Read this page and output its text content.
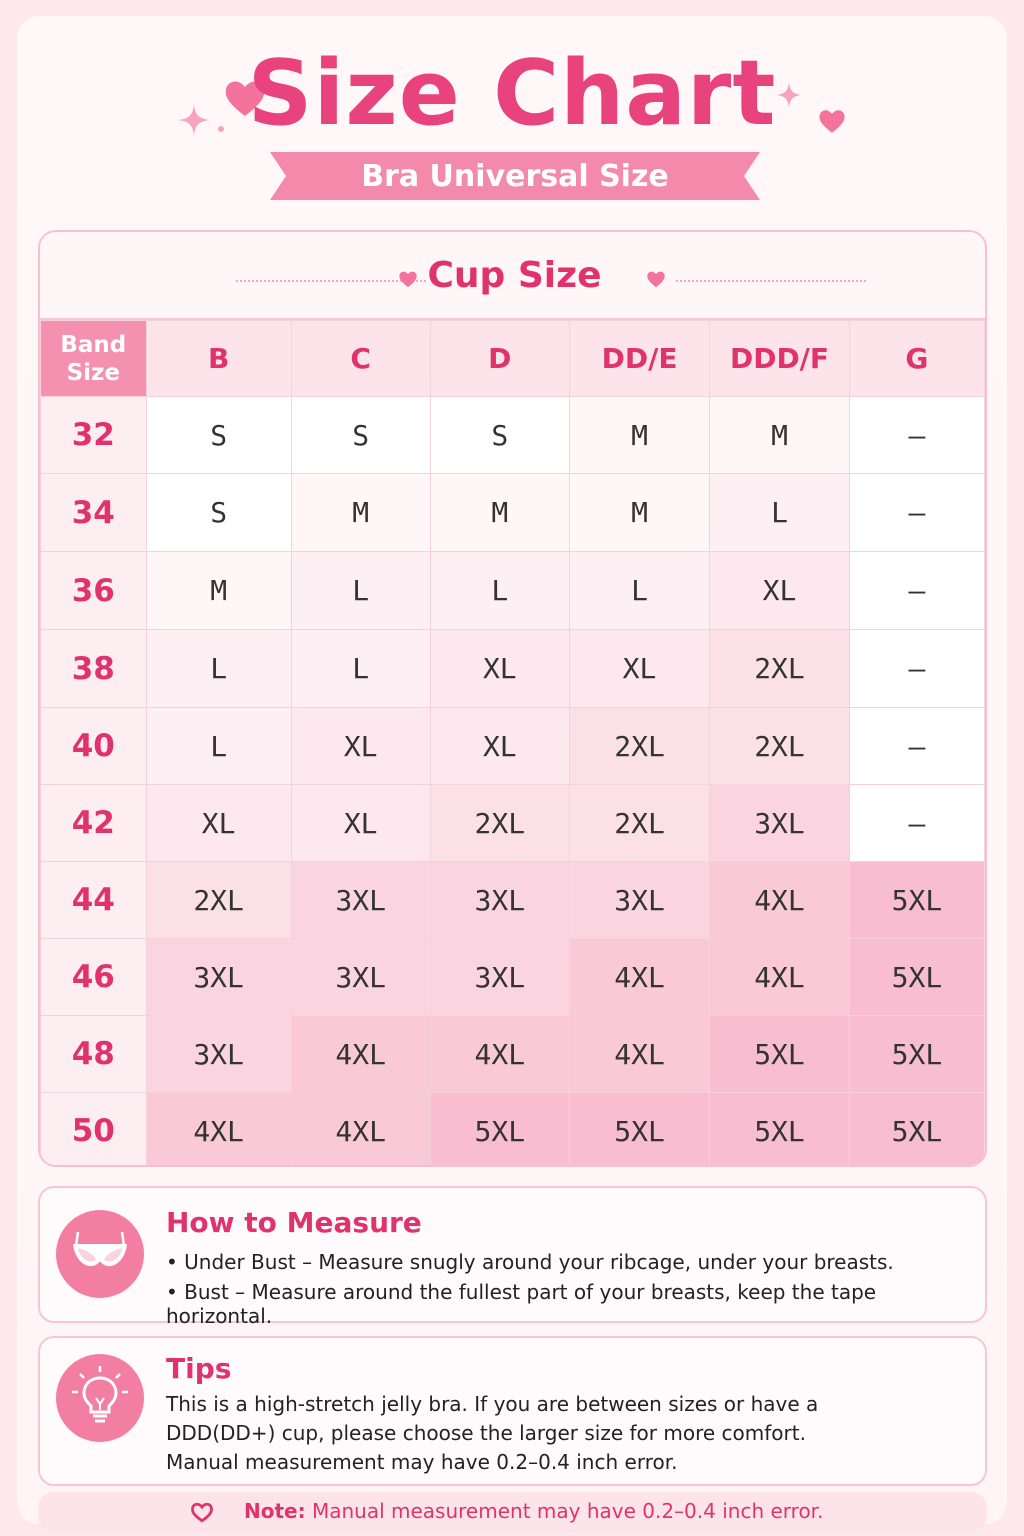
Size Chart
Bra Universal Size
Cup Size
Band
Size	B	C	D	DD/E	DDD/F	G
32	S	S	S	M	M	—
34	S	M	M	M	L	—
36	M	L	L	L	XL	—
38	L	L	XL	XL	2XL	—
40	L	XL	XL	2XL	2XL	—
42	XL	XL	2XL	2XL	3XL	—
44	2XL	3XL	3XL	3XL	4XL	5XL
46	3XL	3XL	3XL	4XL	4XL	5XL
48	3XL	4XL	4XL	4XL	5XL	5XL
50	4XL	4XL	5XL	5XL	5XL	5XL
How to Measure
• Under Bust – Measure snugly around your ribcage, under your breasts.
• Bust – Measure around the fullest part of your breasts, keep the tape horizontal.
Tips
This is a high-stretch jelly bra. If you are between sizes or have a
DDD(DD+) cup, please choose the larger size for more comfort.
Manual measurement may have 0.2–0.4 inch error.
Note: Manual measurement may have 0.2–0.4 inch error.
